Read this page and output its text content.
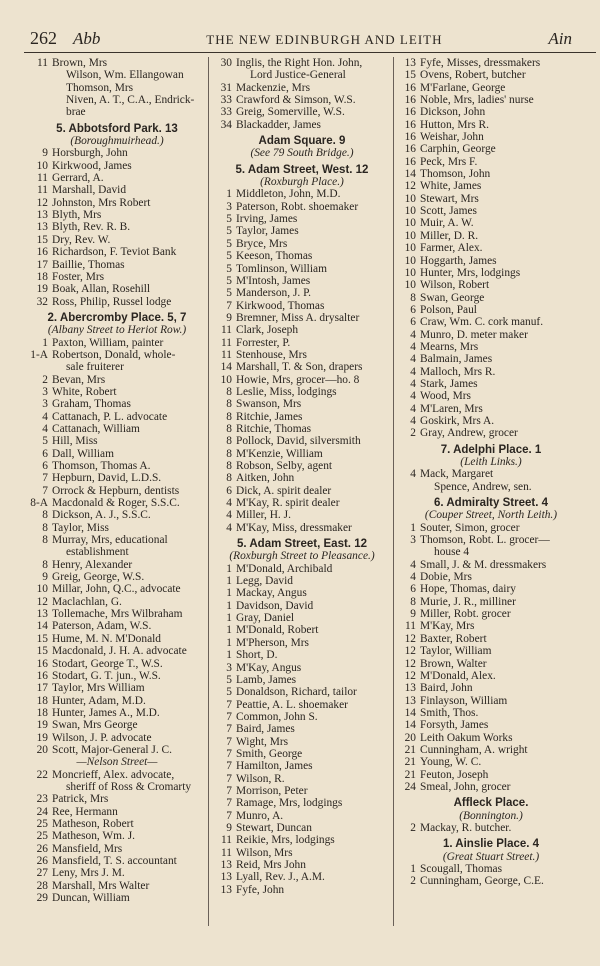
262 Abb	THE NEW EDINBURGH AND LEITH	Ain
11 Brown, Mrs
Wilson, Wm. Ellangowan
Thomson, Mrs
Niven, A. T., C.A., Endrick-
brae
5. Abbotsford Park. 13
(Boroughmuirhead.)
9 Horsburgh, John
10 Kirkwood, James
11 Gerrard, A.
11 Marshall, David
12 Johnston, Mrs Robert
13 Blyth, Mrs
13 Blyth, Rev. R. B.
15 Dry, Rev. W.
16 Richardson, F. Teviot Bank
17 Baillie, Thomas
18 Foster, Mrs
19 Boak, Allan, Rosehill
32 Ross, Philip, Russel lodge
2. Abercromby Place. 5, 7
(Albany Street to Heriot Row.)
1 Paxton, William, painter
1-A Robertson, Donald, whole-
sale fruiterer
2 Bevan, Mrs
3 White, Robert
3 Graham, Thomas
4 Cattanach, P. L. advocate
4 Cattanach, William
5 Hill, Miss
6 Dall, William
6 Thomson, Thomas A.
7 Hepburn, David, L.D.S.
7 Orrock & Hepburn, dentists
8-A Macdonald & Roger, S.S.C.
8 Dickson, A. J., S.S.C.
8 Taylor, Miss
8 Murray, Mrs, educational
establishment
8 Henry, Alexander
9 Greig, George, W.S.
10 Millar, John, Q.C., advocate
12 Maclachlan, G.
13 Tollemache, Mrs Wilbraham
14 Paterson, Adam, W.S.
15 Hume, M. N. M'Donald
15 Macdonald, J. H. A. advocate
16 Stodart, George T., W.S.
16 Stodart, G. T. jun., W.S.
17 Taylor, Mrs William
18 Hunter, Adam, M.D.
18 Hunter, James A., M.D.
19 Swan, Mrs George
19 Wilson, J. P. advocate
20 Scott, Major-General J. C.
—Nelson Street—
22 Moncrieff, Alex. advocate,
sheriff of Ross & Cromarty
23 Patrick, Mrs
24 Ree, Hermann
25 Matheson, Robert
25 Matheson, Wm. J.
26 Mansfield, Mrs
26 Mansfield, T. S. accountant
27 Leny, Mrs J. M.
28 Marshall, Mrs Walter
29 Duncan, William
30 Inglis, the Right Hon. John,
Lord Justice-General
31 Mackenzie, Mrs
33 Crawford & Simson, W.S.
33 Greig, Somerville, W.S.
34 Blackadder, James
Adam Square. 9
(See 79 South Bridge.)
5. Adam Street, West. 12
(Roxburgh Place.)
1 Middleton, John, M.D.
3 Paterson, Robt. shoemaker
5 Irving, James
5 Taylor, James
5 Bryce, Mrs
5 Keeson, Thomas
5 Tomlinson, William
5 M'Intosh, James
5 Manderson, J. P.
7 Kirkwood, Thomas
9 Bremner, Miss A. drysalter
11 Clark, Joseph
11 Forrester, P.
11 Stenhouse, Mrs
14 Marshall, T. & Son, drapers
10 Howie, Mrs, grocer—ho. 8
8 Leslie, Miss, lodgings
8 Swanson, Mrs
8 Ritchie, James
8 Ritchie, Thomas
8 Pollock, David, silversmith
8 M'Kenzie, William
8 Robson, Selby, agent
8 Aitken, John
6 Dick, A. spirit dealer
4 M'Kay, R. spirit dealer
4 Miller, H. J.
4 M'Kay, Miss, dressmaker
5. Adam Street, East. 12
(Roxburgh Street to Pleasance.)
1 M'Donald, Archibald
1 Legg, David
1 Mackay, Angus
1 Davidson, David
1 Gray, Daniel
1 M'Donald, Robert
1 M'Pherson, Mrs
1 Short, D.
3 M'Kay, Angus
5 Lamb, James
5 Donaldson, Richard, tailor
7 Peattie, A. L. shoemaker
7 Common, John S.
7 Baird, James
7 Wight, Mrs
7 Smith, George
7 Hamilton, James
7 Wilson, R.
7 Morrison, Peter
7 Ramage, Mrs, lodgings
7 Munro, A.
9 Stewart, Duncan
11 Reikie, Mrs, lodgings
11 Wilson, Mrs
13 Reid, Mrs John
13 Lyall, Rev. J., A.M.
13 Fyfe, John
13 Fyfe, Misses, dressmakers
15 Ovens, Robert, butcher
16 M'Farlane, George
16 Noble, Mrs, ladies' nurse
16 Dickson, John
16 Hutton, Mrs R.
16 Weishar, John
16 Carphin, George
16 Peck, Mrs F.
14 Thomson, John
12 White, James
10 Stewart, Mrs
10 Scott, James
10 Muir, A. W.
10 Miller, D. R.
10 Farmer, Alex.
10 Hoggarth, James
10 Hunter, Mrs, lodgings
10 Wilson, Robert
8 Swan, George
6 Polson, Paul
6 Craw, Wm. C. cork manuf.
4 Munro, D. meter maker
4 Mearns, Mrs
4 Balmain, James
4 Malloch, Mrs R.
4 Stark, James
4 Wood, Mrs
4 M'Laren, Mrs
4 Goskirk, Mrs A.
2 Gray, Andrew, grocer
7. Adelphi Place. 1
(Leith Links.)
4 Mack, Margaret
Spence, Andrew, sen.
6. Admiralty Street. 4
(Couper Street, North Leith.)
1 Souter, Simon, grocer
3 Thomson, Robt. L. grocer—
house 4
4 Small, J. & M. dressmakers
4 Dobie, Mrs
6 Hope, Thomas, dairy
8 Murie, J. R., milliner
9 Miller, Robt. grocer
11 M'Kay, Mrs
12 Baxter, Robert
12 Taylor, William
12 Brown, Walter
12 M'Donald, Alex.
13 Baird, John
13 Finlayson, William
14 Smith, Thos.
14 Forsyth, James
20 Leith Oakum Works
21 Cunningham, A. wright
21 Young, W. C.
21 Feuton, Joseph
24 Smeal, John, grocer
Affleck Place.
(Bonnington.)
2 Mackay, R. butcher.
1. Ainslie Place. 4
(Great Stuart Street.)
1 Scougall, Thomas
2 Cunningham, George, C.E.
